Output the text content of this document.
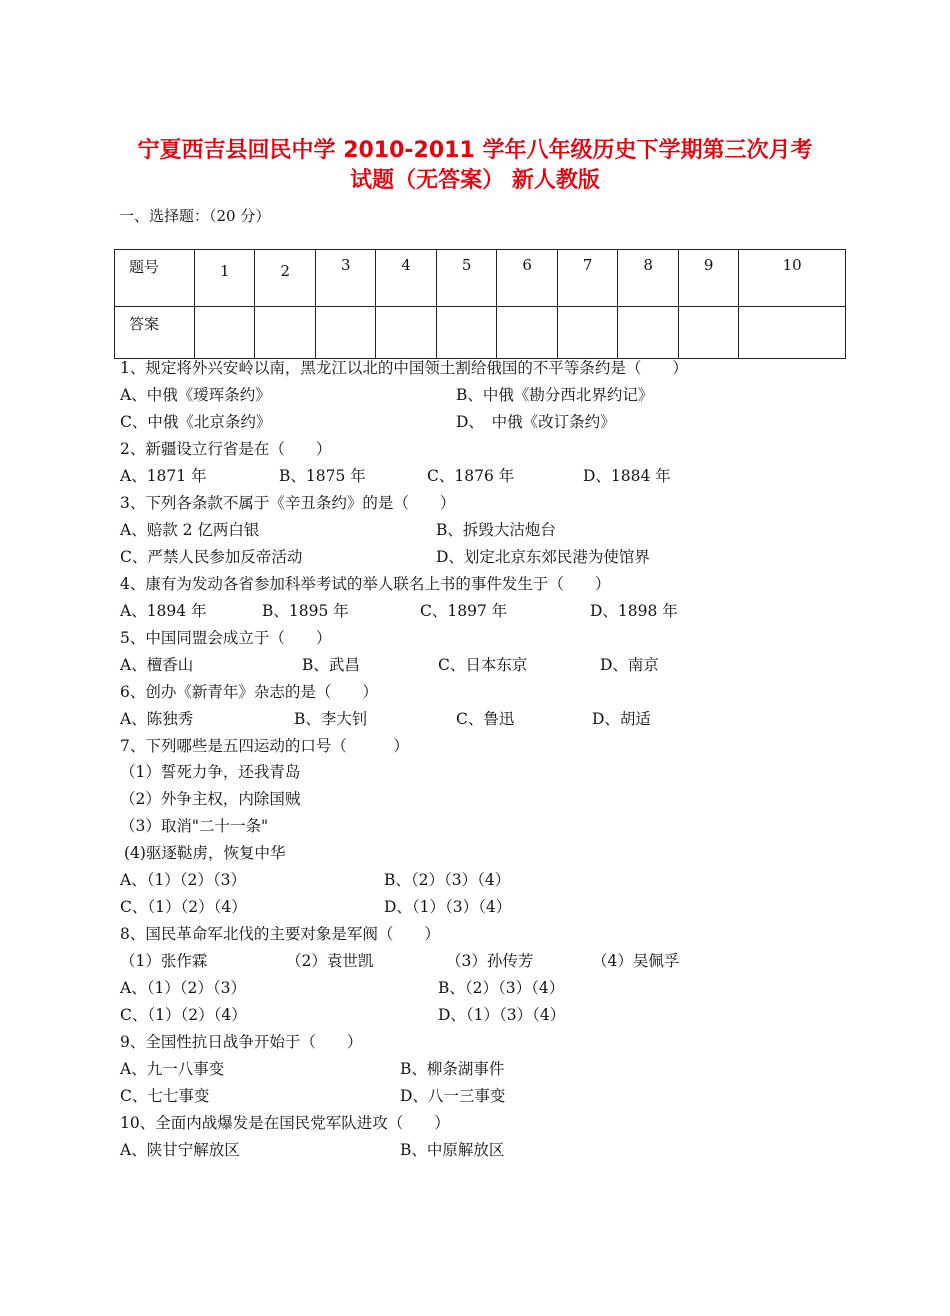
宁夏西吉县回民中学 2010-2011 学年八年级历史下学期第三次月考
试题（无答案） 新人教版
一、选择题：（20 分）
题号	1	2	3	4	5	6	7	8	9	10
答案										
1、规定将外兴安岭以南，黑龙江以北的中国领土割给俄国的不平等条约是（　　）
A、中俄《瑷珲条约》	B、中俄《勘分西北界约记》
C、中俄《北京条约》	D、　中俄《改订条约》
2、新疆设立行省是在（　　）
A、1871 年	B、1875 年	C、1876 年	D、1884 年
3、下列各条款不属于《辛丑条约》的是（　　）
A、赔款 2 亿两白银	B、拆毁大沽炮台
C、严禁人民参加反帝活动	D、划定北京东郊民港为使馆界
4、康有为发动各省参加科举考试的举人联名上书的事件发生于（　　）
A、1894 年	B、1895 年	C、1897 年	D、1898 年
5、中国同盟会成立于（　　）
A、檀香山	B、武昌	C、日本东京	D、南京
6、创办《新青年》杂志的是（　　）
A、陈独秀	B、李大钊	C、鲁迅	D、胡适
7、下列哪些是五四运动的口号（　　　）
（1）誓死力争，还我青岛
（2）外争主权，内除国贼
（3）取消"二十一条"
(4)驱逐鞑虏，恢复中华
A、（1）（2）（3）	B、（2）（3）（4）
C、（1）（2）（4）	D、（1）（3）（4）
8、国民革命军北伐的主要对象是军阀（　　）
（1）张作霖	（2）袁世凯	（3）孙传芳	（4）吴佩孚
A、（1）（2）（3）	B、（2）（3）（4）
C、（1）（2）（4）	D、（1）（3）（4）
9、全国性抗日战争开始于（　　）
A、九一八事变	B、柳条湖事件
C、七七事变	D、八一三事变
10、全面内战爆发是在国民党军队进攻（　　）
A、陕甘宁解放区	B、中原解放区
